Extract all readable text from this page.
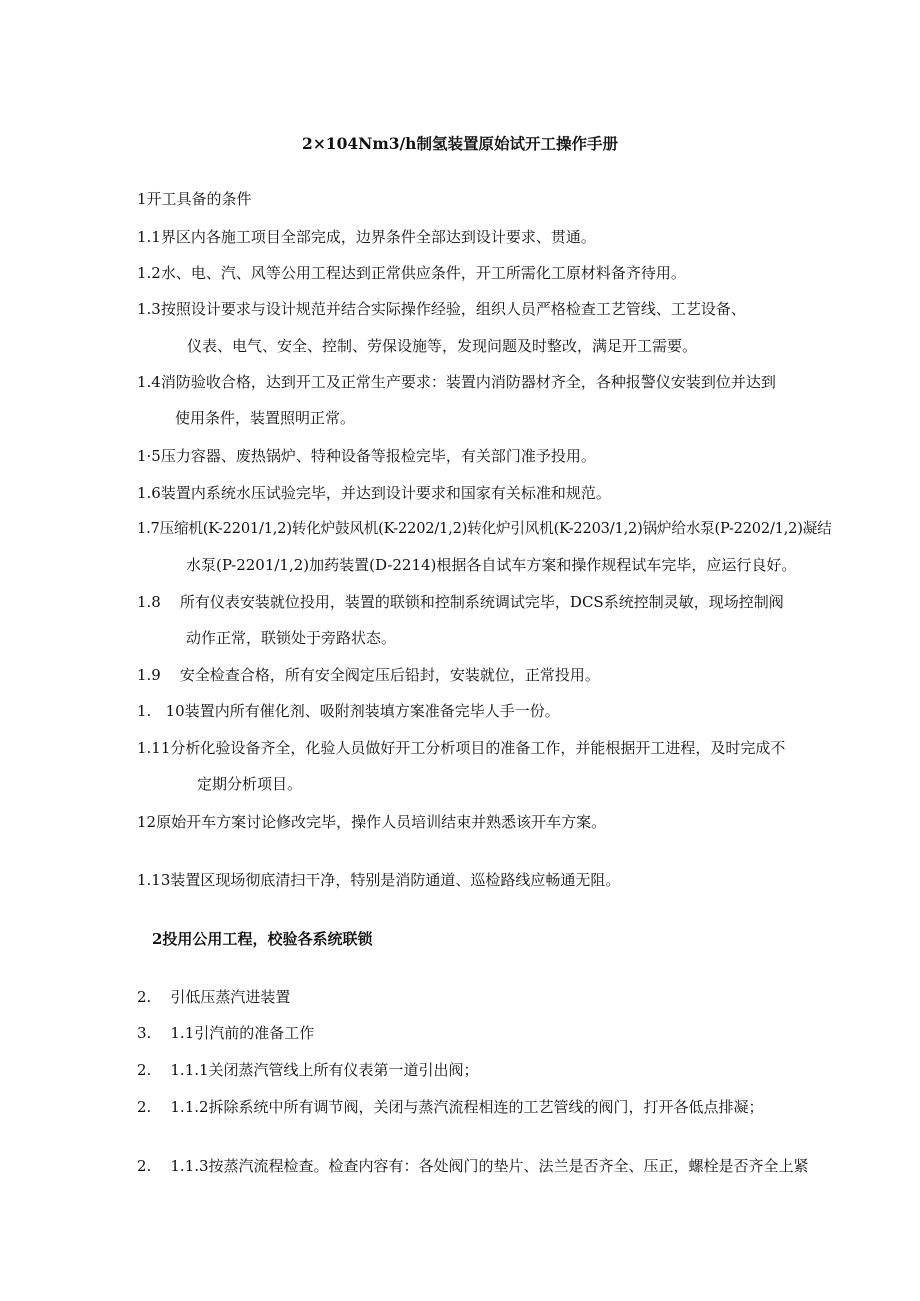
2×104Nm3/h制氢装置原始试开工操作手册
1开工具备的条件
1.1界区内各施工项目全部完成，边界条件全部达到设计要求、贯通。
1.2水、电、汽、风等公用工程达到正常供应条件，开工所需化工原材料备齐待用。
1.3按照设计要求与设计规范并结合实际操作经验，组织人员严格检查工艺管线、工艺设备、
仪表、电气、安全、控制、劳保设施等，发现问题及时整改，满足开工需要。
1.4消防验收合格，达到开工及正常生产要求：装置内消防器材齐全，各种报警仪安装到位并达到
使用条件，装置照明正常。
1·5压力容器、废热锅炉、特种设备等报检完毕，有关部门准予投用。
1.6装置内系统水压试验完毕，并达到设计要求和国家有关标准和规范。
1.7压缩机(K-2201/1,2)转化炉鼓风机(K-2202/1,2)转化炉引风机(K-2203/1,2)锅炉给水泵(P-2202/1,2)凝结
水泵(P-2201/1,2)加药装置(D-2214)根据各自试车方案和操作规程试车完毕，应运行良好。
1.8    所有仪表安装就位投用，装置的联锁和控制系统调试完毕，DCS系统控制灵敏，现场控制阀
动作正常，联锁处于旁路状态。
1.9    安全检查合格，所有安全阀定压后铅封，安装就位，正常投用。
1.   10装置内所有催化剂、吸附剂装填方案准备完毕人手一份。
1.11分析化验设备齐全，化验人员做好开工分析项目的准备工作，并能根据开工进程，及时完成不
定期分析项目。
12原始开车方案讨论修改完毕，操作人员培训结束并熟悉该开车方案。
1.13装置区现场彻底清扫干净，特别是消防通道、巡检路线应畅通无阻。
2投用公用工程，校验各系统联锁
2.    引低压蒸汽进装置
3.    1.1引汽前的准备工作
2.    1.1.1关闭蒸汽管线上所有仪表第一道引出阀；
2.    1.1.2拆除系统中所有调节阀，关闭与蒸汽流程相连的工艺管线的阀门，打开各低点排凝；
2.    1.1.3按蒸汽流程检查。检查内容有：各处阀门的垫片、法兰是否齐全、压正，螺栓是否齐全上紧
